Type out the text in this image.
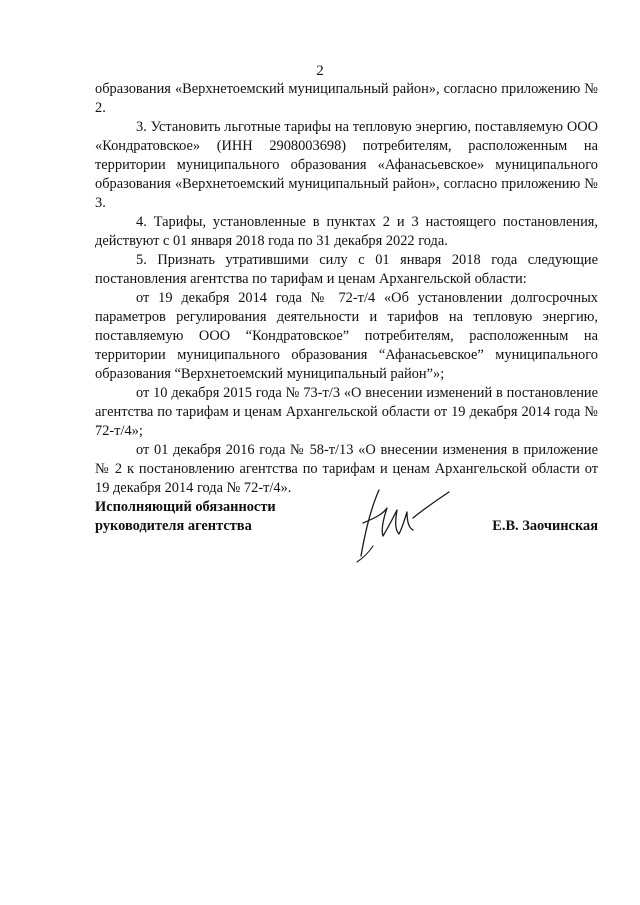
2

образования «Верхнетоемский муниципальный район», согласно приложению № 2.

3. Установить льготные тарифы на тепловую энергию, поставляемую ООО «Кондратовское» (ИНН 2908003698) потребителям, расположенным на территории муниципального образования «Афанасьевское» муниципального образования «Верхнетоемский муниципальный район», согласно приложению № 3.

4. Тарифы, установленные в пунктах 2 и 3 настоящего постановления, действуют с 01 января 2018 года по 31 декабря 2022 года.

5. Признать утратившими силу с 01 января 2018 года следующие постановления агентства по тарифам и ценам Архангельской области:

от 19 декабря 2014 года № 72-т/4 «Об установлении долгосрочных параметров регулирования деятельности и тарифов на тепловую энергию, поставляемую ООО “Кондратовское” потребителям, расположенным на территории муниципального образования “Афанасьевское” муниципального образования “Верхнетоемский муниципальный район”»;

от 10 декабря 2015 года № 73-т/3 «О внесении изменений в постановление агентства по тарифам и ценам Архангельской области от 19 декабря 2014 года № 72-т/4»;

от 01 декабря 2016 года № 58-т/13 «О внесении изменения в приложение № 2 к постановлению агентства по тарифам и ценам Архангельской области от 19 декабря 2014 года № 72-т/4».

Исполняющий обязанности
руководителя агентства	Е.В. Заочинская
